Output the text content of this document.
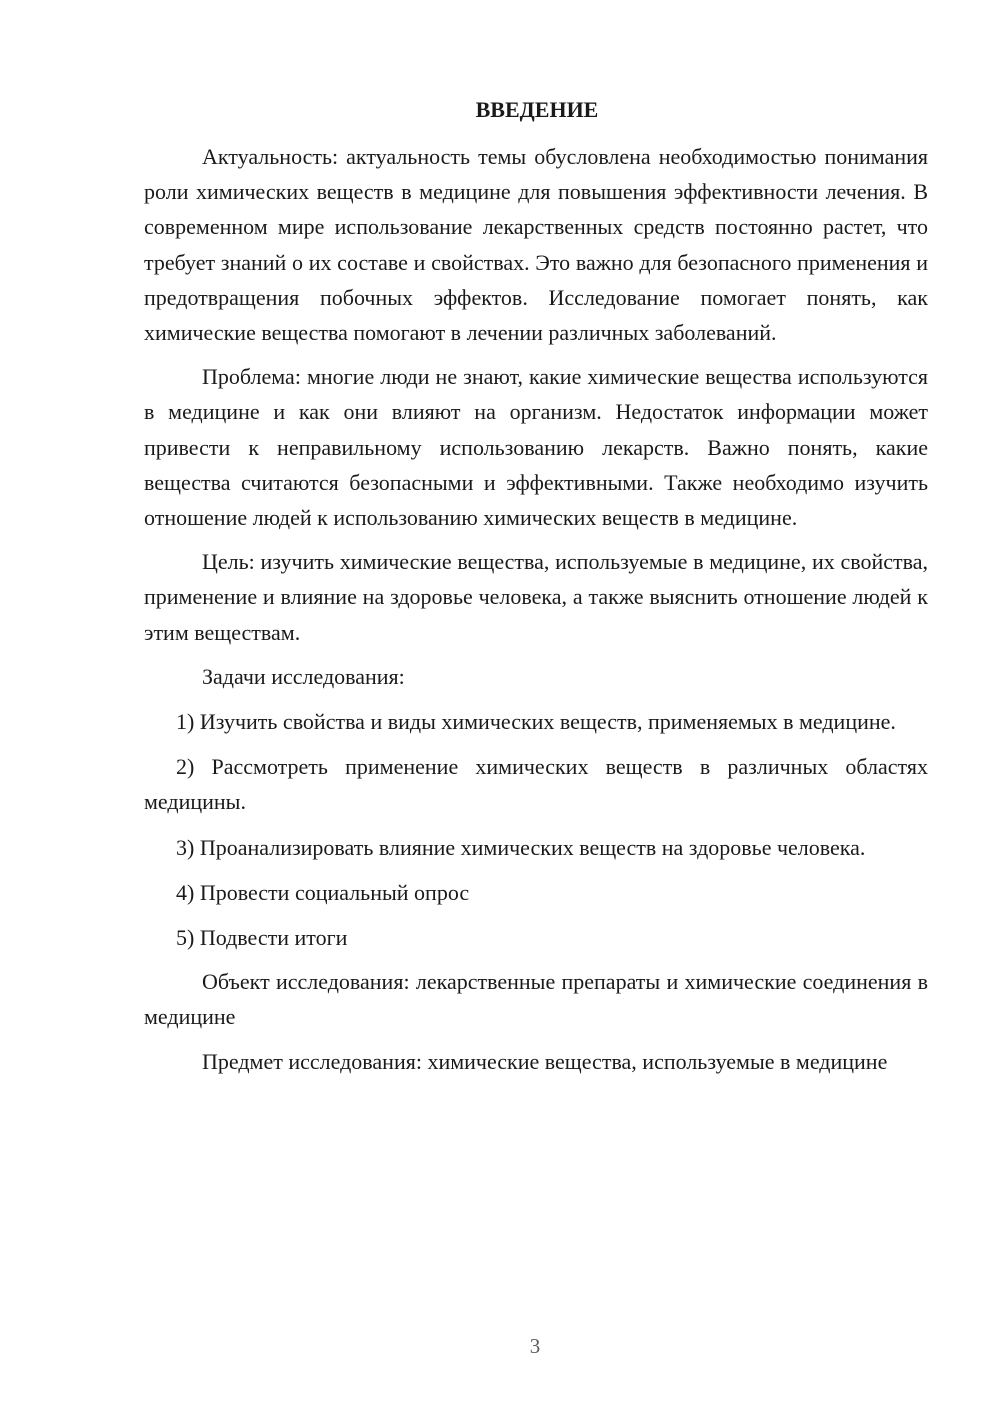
ВВЕДЕНИЕ

Актуальность: актуальность темы обусловлена необходимостью понимания роли химических веществ в медицине для повышения эффективности лечения. В современном мире использование лекарственных средств постоянно растет, что требует знаний о их составе и свойствах. Это важно для безопасного применения и предотвращения побочных эффектов. Исследование помогает понять, как химические вещества помогают в лечении различных заболеваний.

Проблема: многие люди не знают, какие химические вещества используются в медицине и как они влияют на организм. Недостаток информации может привести к неправильному использованию лекарств. Важно понять, какие вещества считаются безопасными и эффективными. Также необходимо изучить отношение людей к использованию химических веществ в медицине.

Цель: изучить химические вещества, используемые в медицине, их свойства, применение и влияние на здоровье человека, а также выяснить отношение людей к этим веществам.

Задачи исследования:

1) Изучить свойства и виды химических веществ, применяемых в медицине.

2) Рассмотреть применение химических веществ в различных областях медицины.

3) Проанализировать влияние химических веществ на здоровье человека.

4) Провести социальный опрос

5) Подвести итоги

Объект исследования: лекарственные препараты и химические соединения в медицине

Предмет исследования: химические вещества, используемые в медицине

3
